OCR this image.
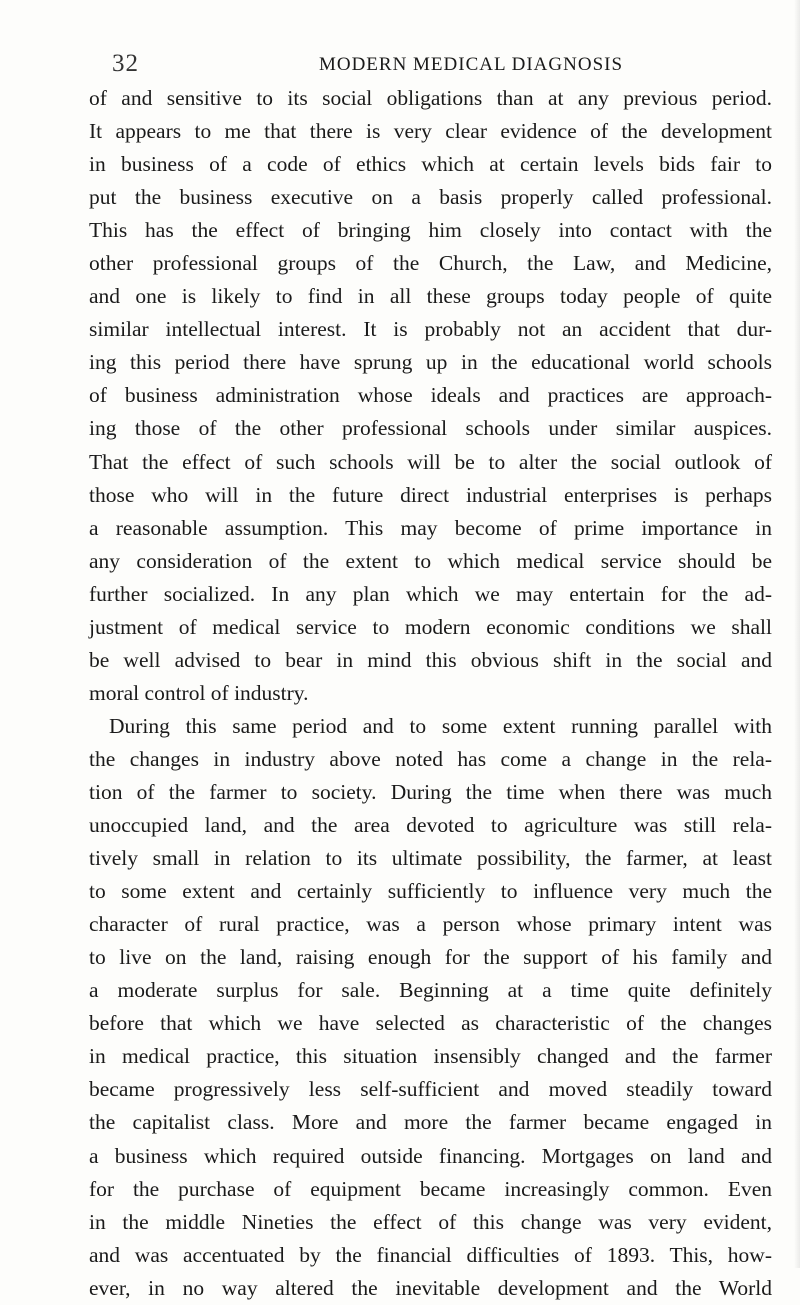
32	MODERN MEDICAL DIAGNOSIS
of and sensitive to its social obligations than at any previous period.
It appears to me that there is very clear evidence of the development
in business of a code of ethics which at certain levels bids fair to
put the business executive on a basis properly called professional.
This has the effect of bringing him closely into contact with the
other professional groups of the Church, the Law, and Medicine,
and one is likely to find in all these groups today people of quite
similar intellectual interest. It is probably not an accident that dur-
ing this period there have sprung up in the educational world schools
of business administration whose ideals and practices are approach-
ing those of the other professional schools under similar auspices.
That the effect of such schools will be to alter the social outlook of
those who will in the future direct industrial enterprises is perhaps
a reasonable assumption. This may become of prime importance in
any consideration of the extent to which medical service should be
further socialized. In any plan which we may entertain for the ad-
justment of medical service to modern economic conditions we shall
be well advised to bear in mind this obvious shift in the social and
moral control of industry.
During this same period and to some extent running parallel with
the changes in industry above noted has come a change in the rela-
tion of the farmer to society. During the time when there was much
unoccupied land, and the area devoted to agriculture was still rela-
tively small in relation to its ultimate possibility, the farmer, at least
to some extent and certainly sufficiently to influence very much the
character of rural practice, was a person whose primary intent was
to live on the land, raising enough for the support of his family and
a moderate surplus for sale. Beginning at a time quite definitely
before that which we have selected as characteristic of the changes
in medical practice, this situation insensibly changed and the farmer
became progressively less self-sufficient and moved steadily toward
the capitalist class. More and more the farmer became engaged in
a business which required outside financing. Mortgages on land and
for the purchase of equipment became increasingly common. Even
in the middle Nineties the effect of this change was very evident,
and was accentuated by the financial difficulties of 1893. This, how-
ever, in no way altered the inevitable development and the World
